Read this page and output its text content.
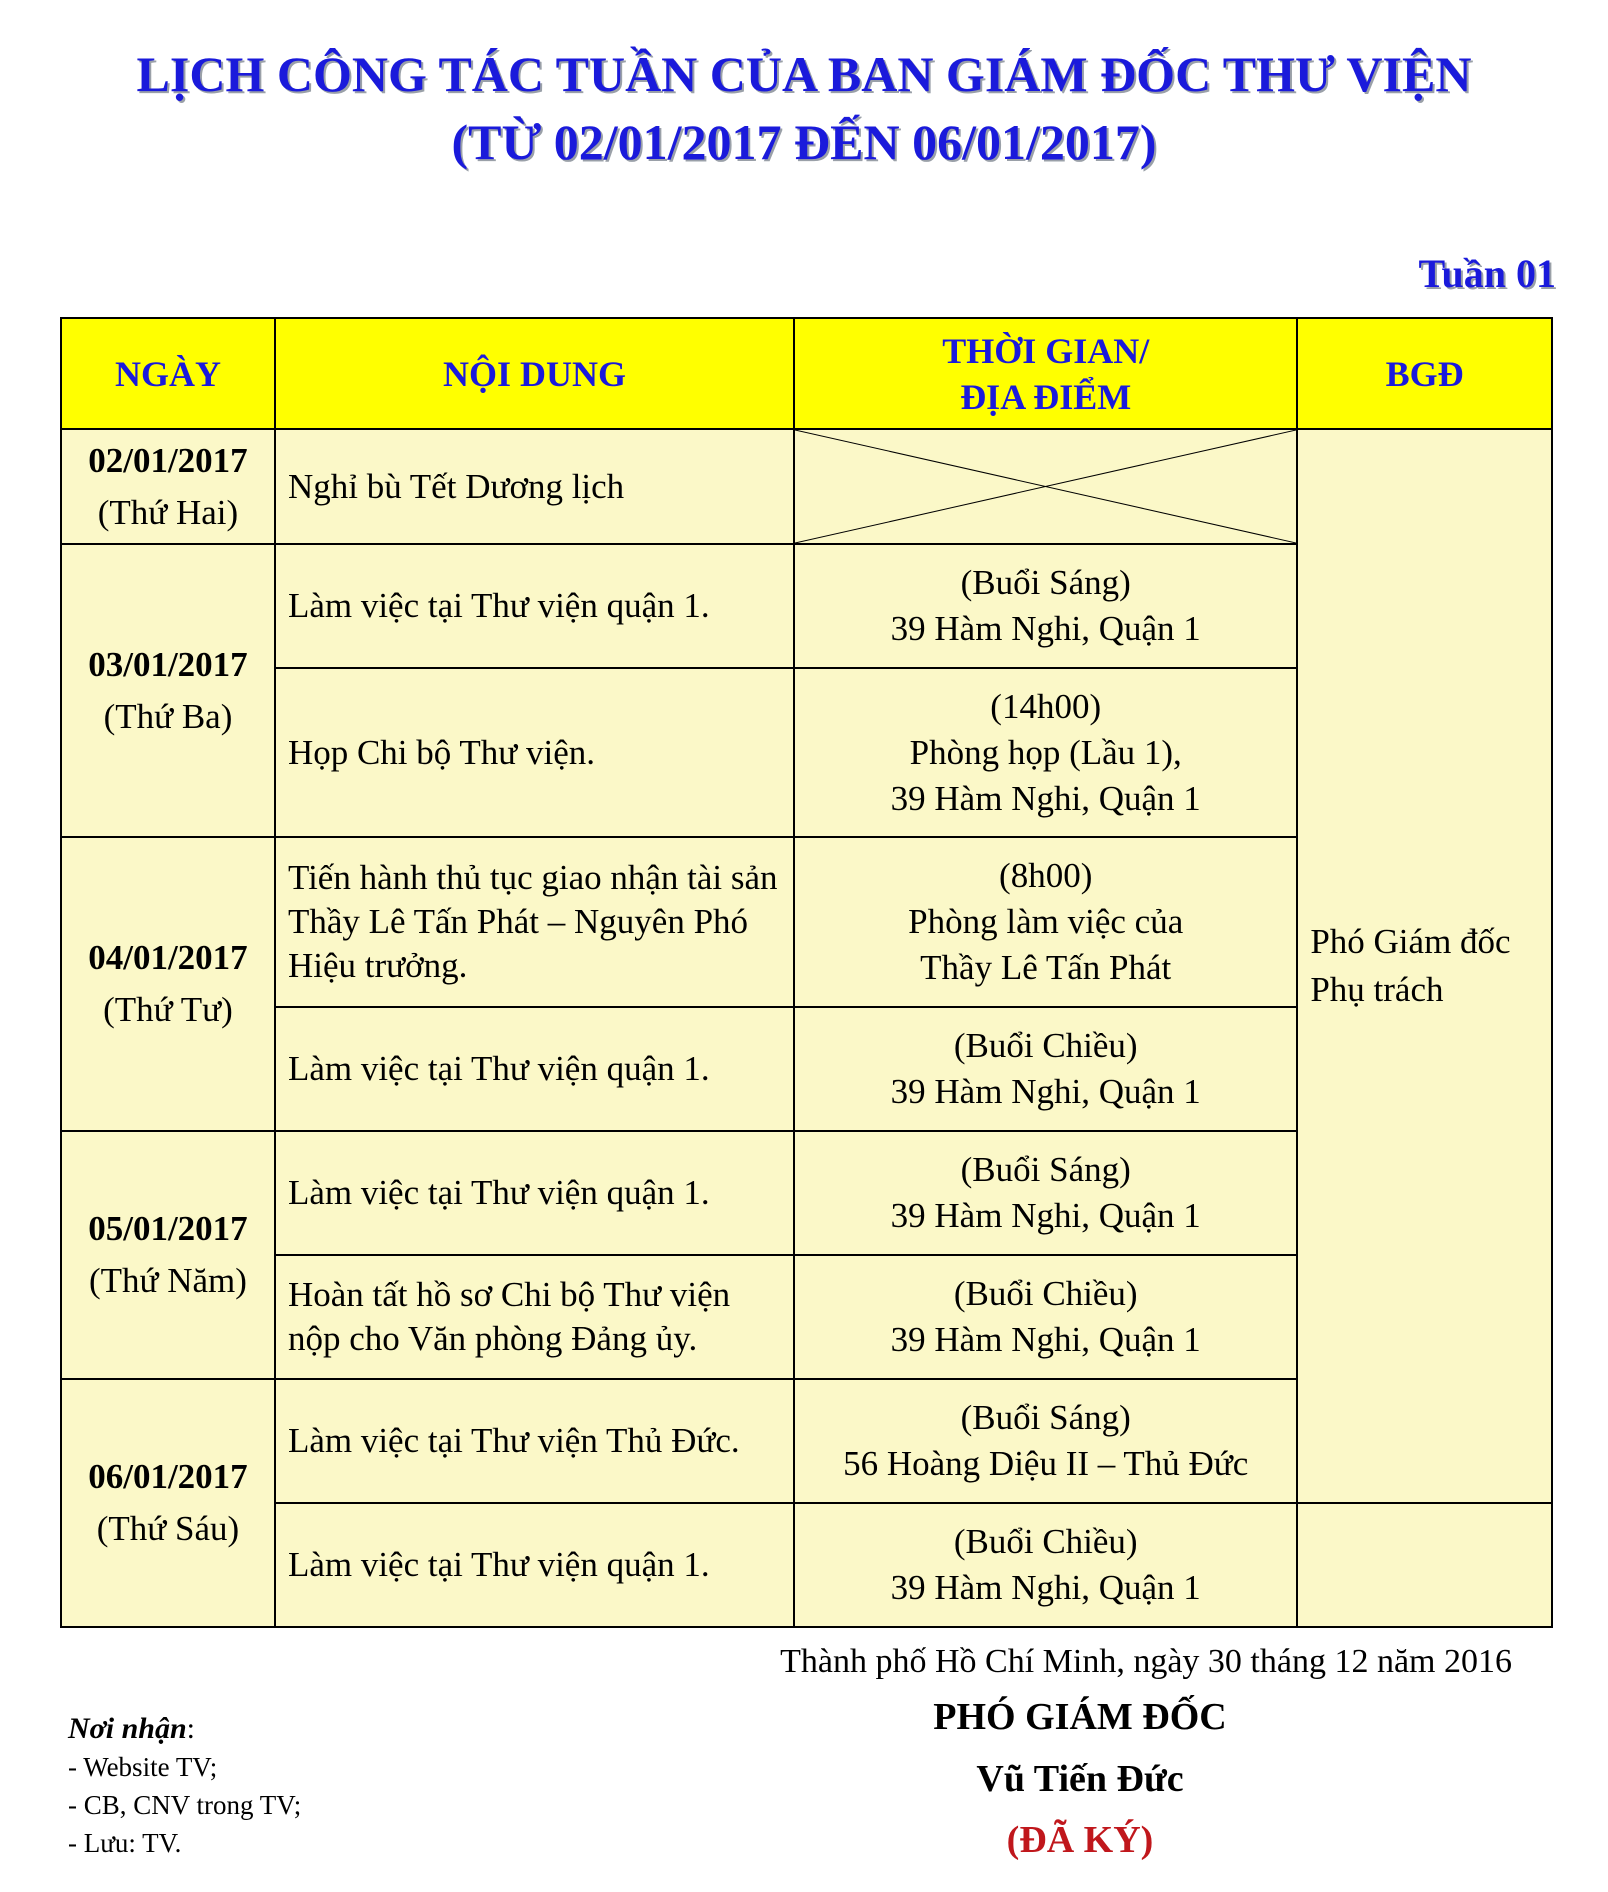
LỊCH CÔNG TÁC TUẦN CỦA BAN GIÁM ĐỐC THƯ VIỆN
(TỪ 02/01/2017 ĐẾN 06/01/2017)
Tuần 01
NGÀY	NỘI DUNG	THỜI GIAN/
ĐỊA ĐIỂM	BGĐ

02/01/2017
(Thứ Hai)	Nghỉ bù Tết Dương lịch		Phó Giám đốc
Phụ trách

03/01/2017
(Thứ Ba)	Làm việc tại Thư viện quận 1.	(Buổi Sáng)
39 Hàm Nghi, Quận 1	

	Họp Chi bộ Thư viện.	(14h00)
Phòng họp (Lầu 1),
39 Hàm Nghi, Quận 1	

04/01/2017
(Thứ Tư)	Tiến hành thủ tục giao nhận tài sản Thầy Lê Tấn Phát – Nguyên Phó Hiệu trưởng.	(8h00)
Phòng làm việc của
Thầy Lê Tấn Phát	

	Làm việc tại Thư viện quận 1.	(Buổi Chiều)
39 Hàm Nghi, Quận 1	

05/01/2017
(Thứ Năm)	Làm việc tại Thư viện quận 1.	(Buổi Sáng)
39 Hàm Nghi, Quận 1	

	Hoàn tất hồ sơ Chi bộ Thư viện nộp cho Văn phòng Đảng ủy.	(Buổi Chiều)
39 Hàm Nghi, Quận 1	

06/01/2017
(Thứ Sáu)	Làm việc tại Thư viện Thủ Đức.	(Buổi Sáng)
56 Hoàng Diệu II – Thủ Đức	

	Làm việc tại Thư viện quận 1.	(Buổi Chiều)
39 Hàm Nghi, Quận 1	

Thành phố Hồ Chí Minh, ngày 30 tháng 12 năm 2016
PHÓ GIÁM ĐỐC
Vũ Tiến Đức
(ĐÃ KÝ)
Nơi nhận:
- Website TV;
- CB, CNV trong TV;
- Lưu: TV.
